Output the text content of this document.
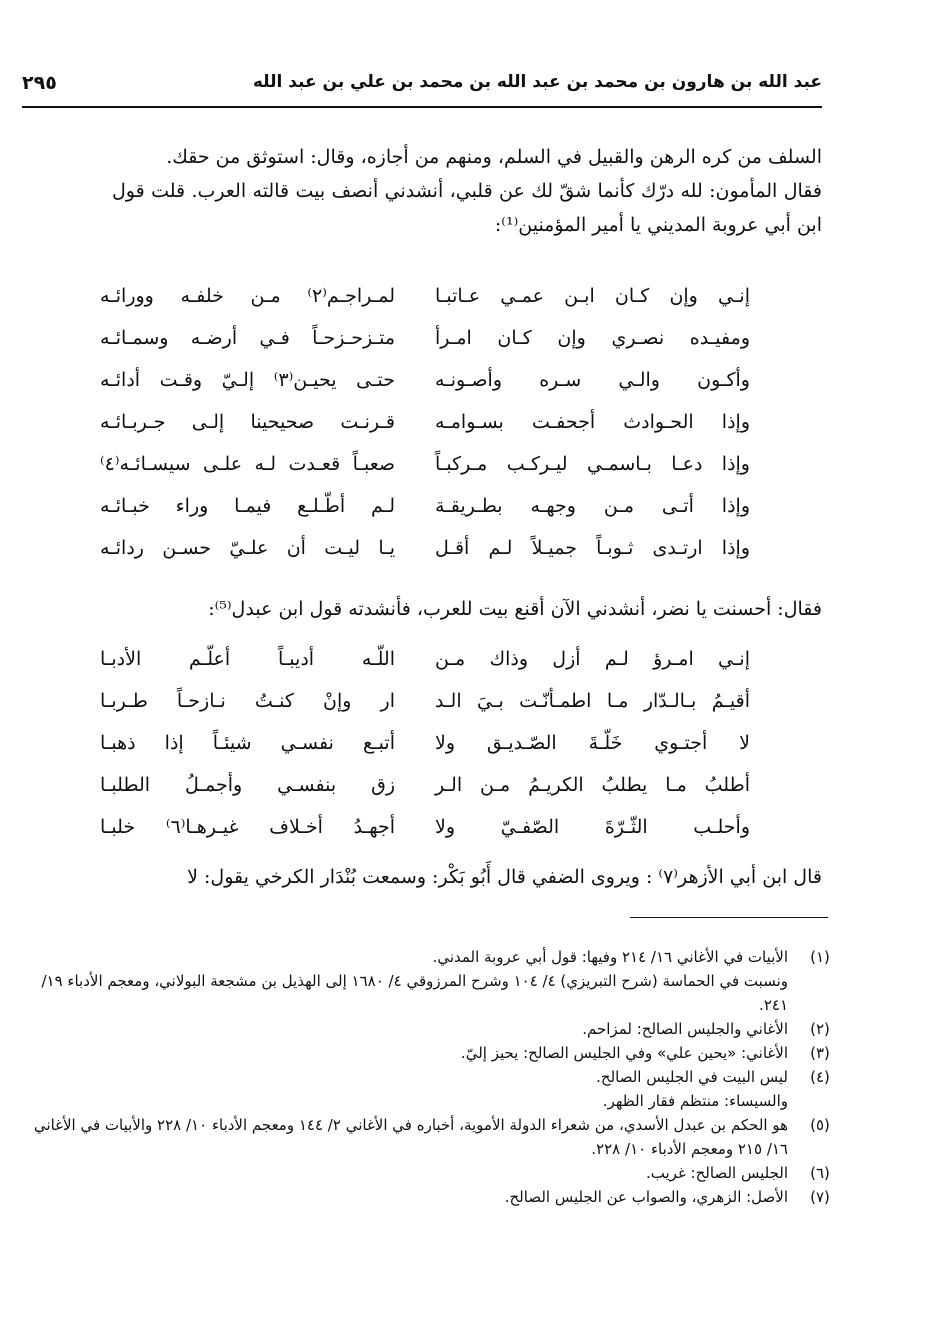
عبد الله بن هارون بن محمد بن عبد الله بن محمد بن علي بن عبد الله
٢٩٥

السلف من كره الرهن والقبيل في السلم، ومنهم من أجازه، وقال: استوثق من حقك.

فقال المأمون: لله درّك كأنما شقّ لك عن قلبي، أنشدني أنصف بيت قالته العرب. قلت قول ابن أبي عروبة المديني يا أمير المؤمنين⁽¹⁾:

إنـي وإن كـان ابـن عمـي عـاتبـا
لمـراجـم⁽٢⁾ مـن خلفـه وورائـه
ومفيـده نصـري وإن كـان امـرأ
متـزحـزحـاً فـي أرضـه وسمـائـه
وأكـون والـي سـره وأصـونـه
حتـى يحيـن⁽٣⁾ إلـيّ وقـت أدائـه
وإذا الحـوادث أجحفـت بسـوامـه
قـرنـت صحيحينا إلـى جـربـائـه
وإذا دعـا بـاسمـي ليـركـب مـركبـاً
صعبـاً قعـدت لـه علـى سيسـائـه⁽٤⁾
وإذا أتـى مـن وجهـه بطـريقـة
لـم أطّـلـع فيمـا وراء خبـائـه
وإذا ارتـدى ثـوبـاً جميـلاً لـم أقـل
يـا ليـت أن علـيّ حسـن ردائـه

فقال: أحسنت يا نضر، أنشدني الآن أقنع بيت للعرب، فأنشدته قول ابن عبدل⁽⁵⁾:

إنـي امـرؤ لـم أزل وذاك مـن
اللّـه أديبـاً أعلّـم الأدبـا
أقيـمُ بـالـدّار مـا اطمـأنّـت بـيَ الـد
ار وإنْ كنـتُ نـازحـاً طـربـا
لا أجتـوي خَلّـةَ الصّـديـق ولا
أتبـع نفسـي شيئـاً إذا ذهبـا
أطلبُ مـا يطلبُ الكريـمُ مـن الـر
زق بنفسـي وأجمـلُ الطلبـا
وأحلـب الثّـرّةَ الصّفـيّ ولا
أجهـدُ أخـلاف غيـرهـا⁽٦⁾ خلبـا

قال ابن أبي الأزهر⁽٧⁾ : ويروى الضفي قال أَبُو بَكْر: وسمعت بُنْدَار الكرخي يقول: لا

(١)
الأبيات في الأغاني ١٦/ ٢١٤ وفيها: قول أبي عروبة المدني.
ونسبت في الحماسة (شرح التبريزي) ٤/ ١٠٤ وشرح المرزوقي ٤/ ١٦٨٠ إلى الهذيل بن مشجعة البولاني، ومعجم الأدباء ١٩/ ٢٤١.
(٢)
الأغاني والجليس الصالح: لمزاحم.
(٣)
الأغاني: «يحين علي» وفي الجليس الصالح: يحيز إليّ.
(٤)
ليس البيت في الجليس الصالح.
والسيساء: منتظم فقار الظهر.
(٥)
هو الحكم بن عبدل الأسدي، من شعراء الدولة الأموية، أخباره في الأغاني ٢/ ١٤٤ ومعجم الأدباء ١٠/ ٢٢٨ والأبيات في الأغاني ١٦/ ٢١٥ ومعجم الأدباء ١٠/ ٢٢٨.
(٦)
الجليس الصالح: غريب.
(٧)
الأصل: الزهري، والصواب عن الجليس الصالح.
